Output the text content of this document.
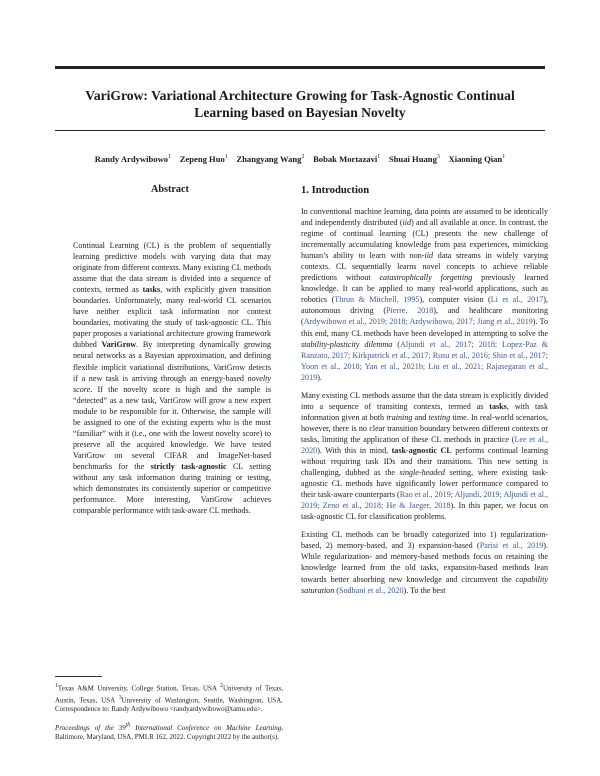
VariGrow: Variational Architecture Growing for Task-Agnostic Continual
Learning based on Bayesian Novelty
Randy Ardywibowo$^1$ Zepeng Huo$^1$ Zhangyang Wang$^2$ Bobak Mortazavi$^1$ Shuai Huang$^3$ Xiaoning Qian$^1$
Abstract

Continual Learning (CL) is the problem of sequentially learning predictive models with varying data that may originate from different contexts. Many existing CL methods assume that the data stream is divided into a sequence of contexts, termed as tasks, with explicitly given transition boundaries. Unfortunately, many real-world CL scenarios have neither explicit task information nor context boundaries, motivating the study of task-agnostic CL. This paper proposes a variational architecture growing framework dubbed VariGrow. By interpreting dynamically growing neural networks as a Bayesian approximation, and defining flexible implicit variational distributions, VariGrow detects if a new task is arriving through an energy-based novelty score. If the novelty score is high and the sample is “detected” as a new task, VariGrow will grow a new expert module to be responsible for it. Otherwise, the sample will be assigned to one of the existing experts who is the most “familiar” with it (i.e., one with the lowest novelty score) to preserve all the acquired knowledge. We have tested VariGrow on several CIFAR and ImageNet-based benchmarks for the strictly task-agnostic CL setting without any task information during training or testing, which demonstrates its consistently superior or competitive performance. More interesting, VariGrow achieves comparable performance with task-aware CL methods.

$^1$Texas A&M University, College Station, Texas, USA $^2$University of Texas, Austin, Texas, USA $^3$University of Washington, Seattle, Washington, USA. Correspondence to: Randy Ardywibowo <randyardywibowo@tamu.edu>.

Proceedings of the 39th International Conference on Machine Learning, Baltimore, Maryland, USA, PMLR 162, 2022. Copyright 2022 by the author(s).

1. Introduction

In conventional machine learning, data points are assumed to be identically and independently distributed (iid) and all available at once. In contrast, the regime of continual learning (CL) presents the new challenge of incrementally accumulating knowledge from past experiences, mimicking human’s ability to learn with non-iid data streams in widely varying contexts. CL sequentially learns novel concepts to achieve reliable predictions without catastrophically forgetting previously learned knowledge. It can be applied to many real-world applications, such as robotics (Thrun & Mitchell, 1995), computer vision (Li et al., 2017), autonomous driving (Pierre, 2018), and healthcare monitoring (Ardywibowo et al., 2019; 2018; Ardywibowo, 2017; Jiang et al., 2019). To this end, many CL methods have been developed in attempting to solve the stability-plasticity dilemma (Aljundi et al., 2017; 2018; Lopez-Paz & Ranzato, 2017; Kirkpatrick et al., 2017; Rusu et al., 2016; Shin et al., 2017; Yoon et al., 2018; Yan et al., 2021b; Liu et al., 2021; Rajasegaran et al., 2019).

Many existing CL methods assume that the data stream is explicitly divided into a sequence of transiting contexts, termed as tasks, with task information given at both training and testing time. In real-world scenarios, however, there is no clear transition boundary between different contexts or tasks, limiting the application of these CL methods in practice (Lee et al., 2020). With this in mind, task-agnostic CL performs continual learning without requiring task IDs and their transitions. This new setting is challenging, dubbed as the single-headed setting, where existing task-agnostic CL methods have significantly lower performance compared to their task-aware counterparts (Rao et al., 2019; Aljundi, 2019; Aljundi et al., 2019; Zeno et al., 2018; He & Jaeger, 2018). In this paper, we focus on task-agnostic CL for classification problems.

Existing CL methods can be broadly categorized into 1) regularization-based, 2) memory-based, and 3) expansion-based (Parisi et al., 2019). While regularization- and memory-based methods focus on retaining the knowledge learned from the old tasks, expansion-based methods lean towards better absorbing new knowledge and circumvent the capability saturation (Sodhani et al., 2020). To the best
